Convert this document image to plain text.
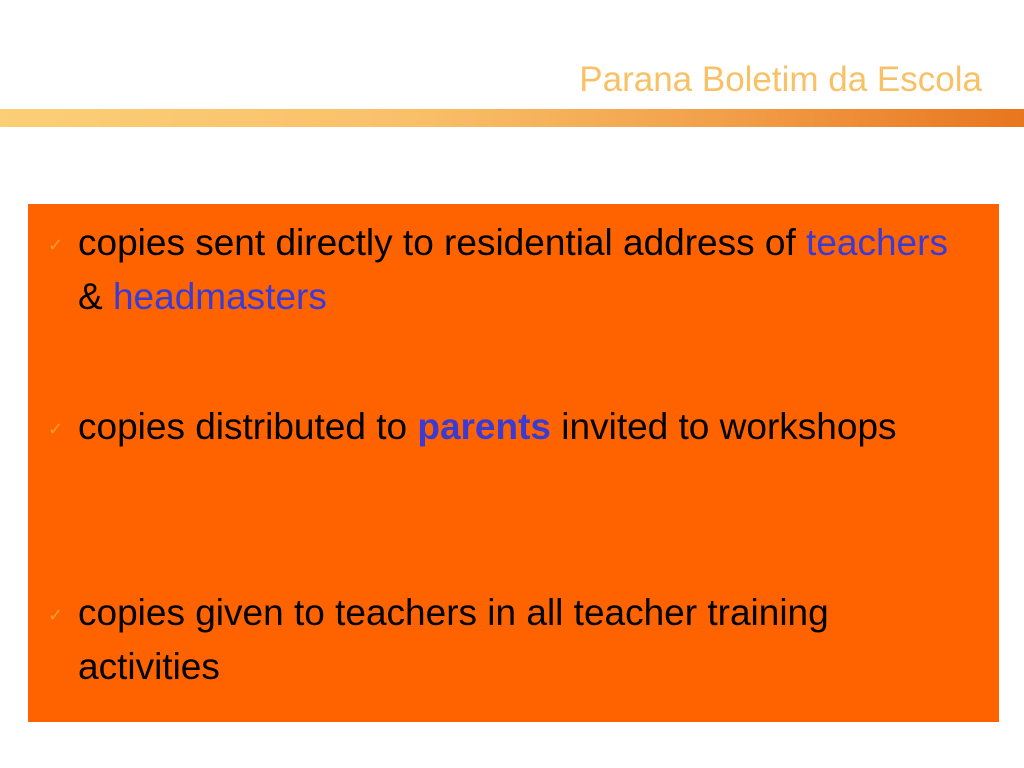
Parana Boletim da Escola
✓ copies sent directly to residential address of teachers & headmasters
✓ copies distributed to parents invited to workshops
✓ copies given to teachers in all teacher training activities
